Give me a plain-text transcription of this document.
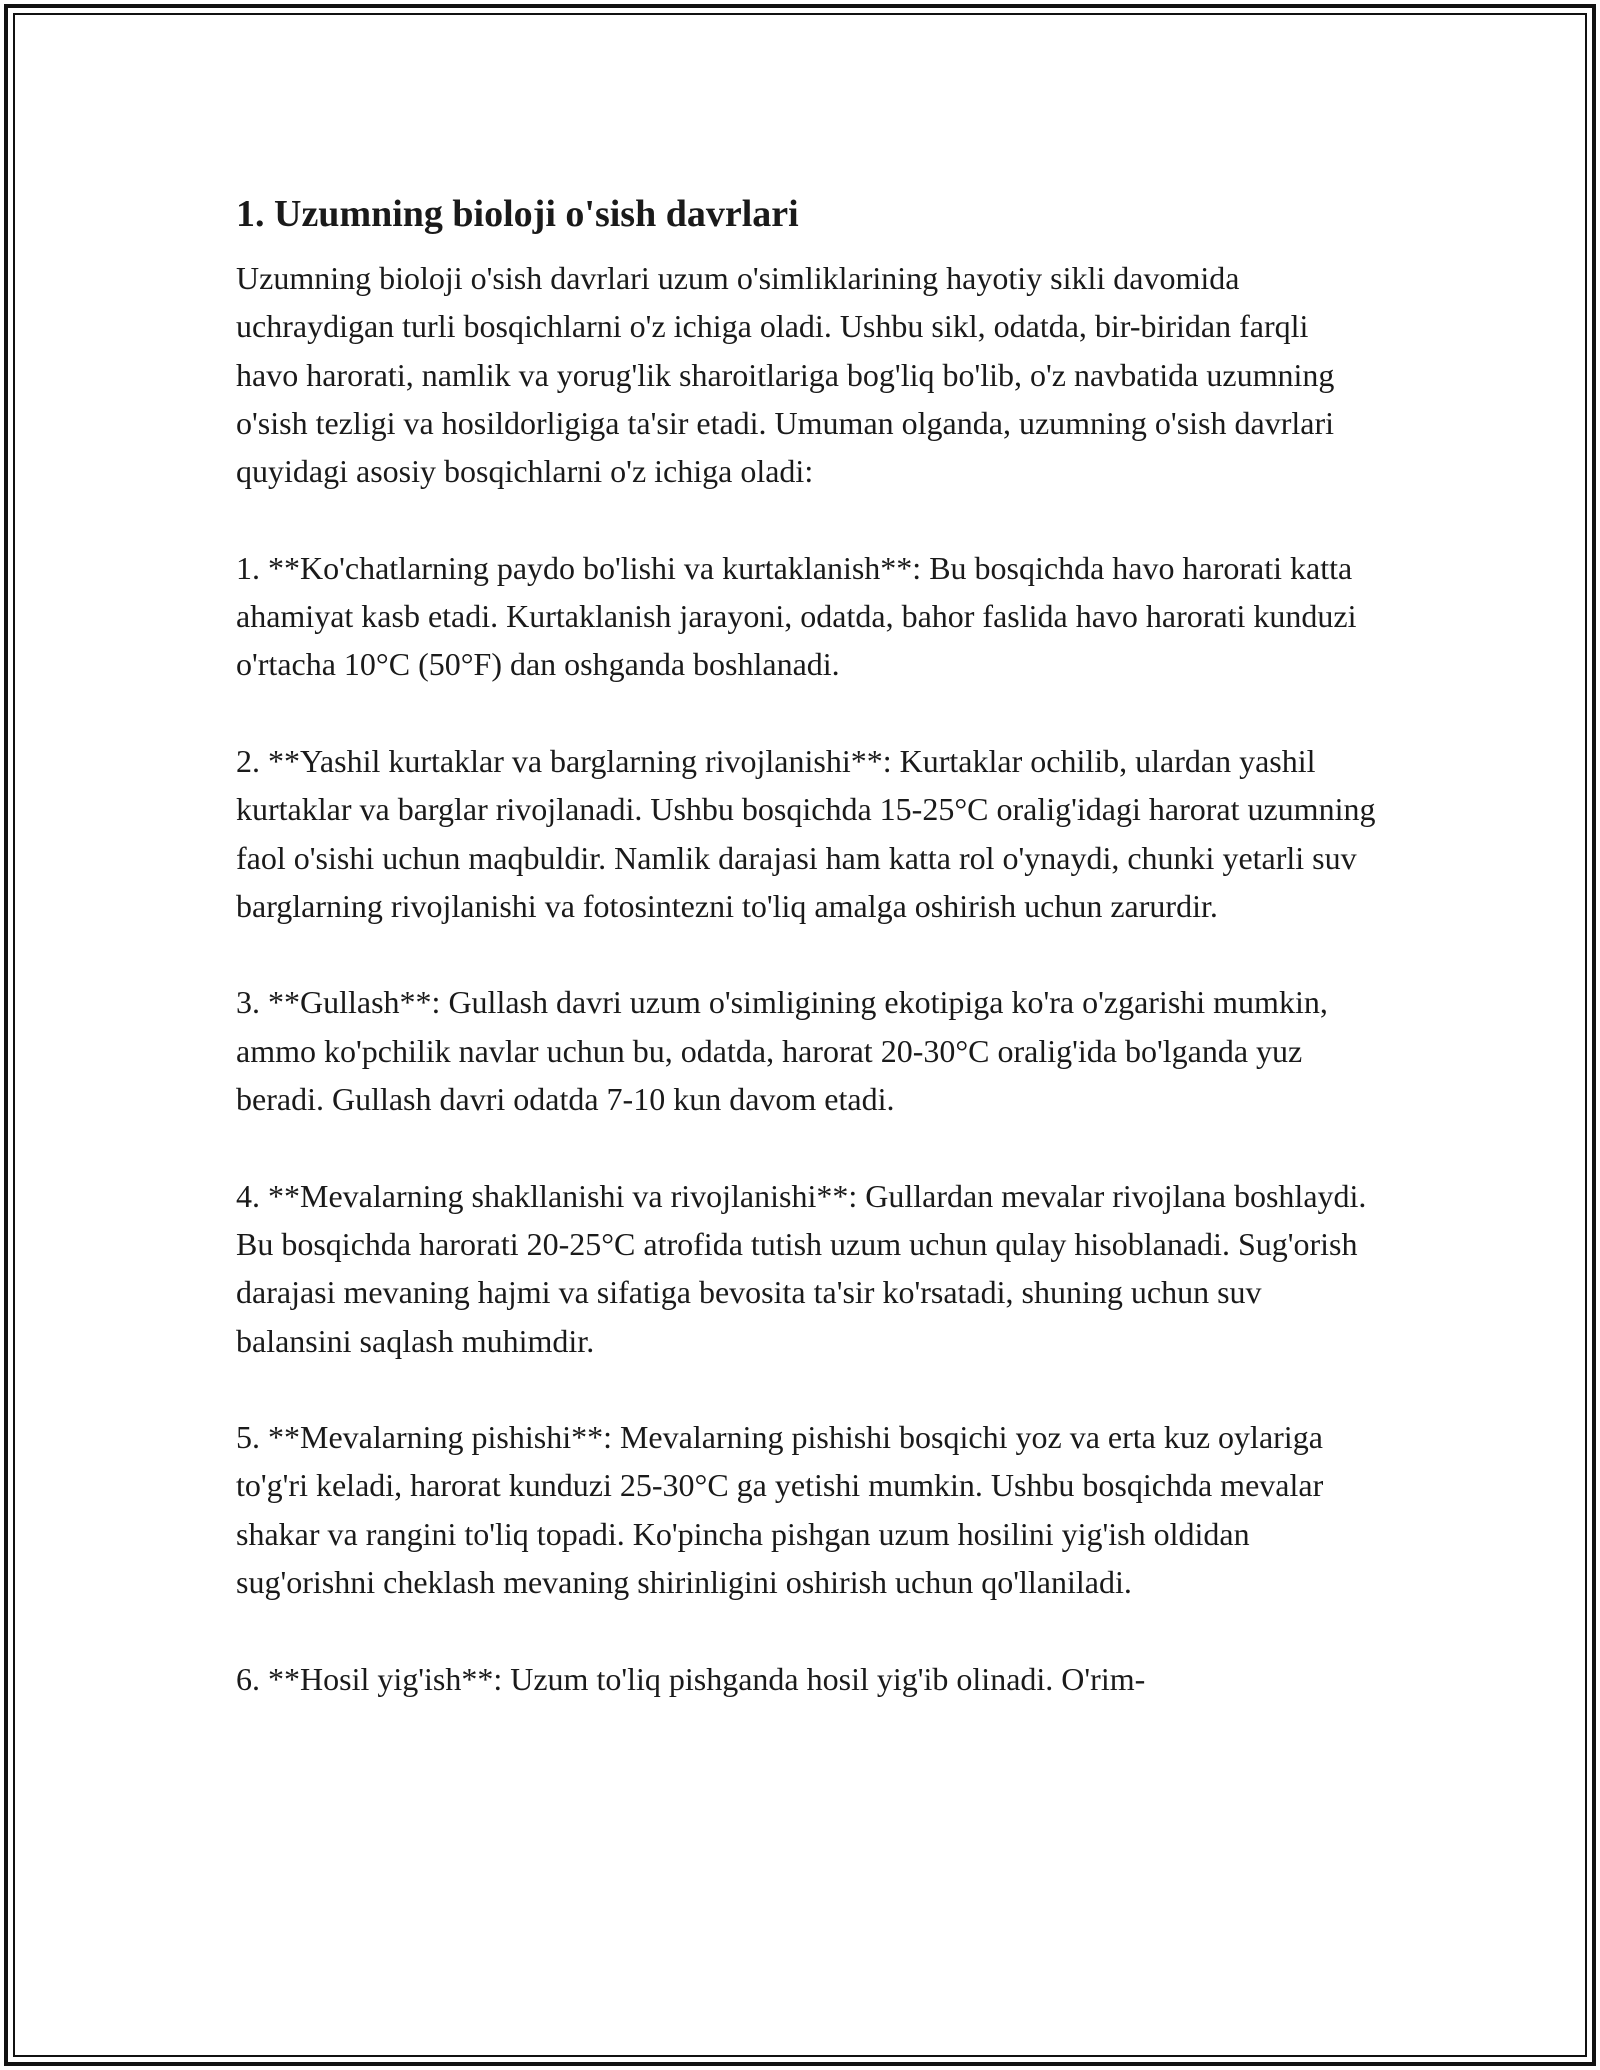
1. Uzumning bioloji o'sish davrlari

Uzumning bioloji o'sish davrlari uzum o'simliklarining hayotiy sikli davomida uchraydigan turli bosqichlarni o'z ichiga oladi. Ushbu sikl, odatda, bir-biridan farqli havo harorati, namlik va yorug'lik sharoitlariga bog'liq bo'lib, o'z navbatida uzumning o'sish tezligi va hosildorligiga ta'sir etadi. Umuman olganda, uzumning o'sish davrlari quyidagi asosiy bosqichlarni o'z ichiga oladi:

1. **Ko'chatlarning paydo bo'lishi va kurtaklanish**: Bu bosqichda havo harorati katta ahamiyat kasb etadi. Kurtaklanish jarayoni, odatda, bahor faslida havo harorati kunduzi o'rtacha 10°C (50°F) dan oshganda boshlanadi.

2. **Yashil kurtaklar va barglarning rivojlanishi**: Kurtaklar ochilib, ulardan yashil kurtaklar va barglar rivojlanadi. Ushbu bosqichda 15-25°C oralig'idagi harorat uzumning faol o'sishi uchun maqbuldir. Namlik darajasi ham katta rol o'ynaydi, chunki yetarli suv barglarning rivojlanishi va fotosintezni to'liq amalga oshirish uchun zarurdir.

3. **Gullash**: Gullash davri uzum o'simligining ekotipiga ko'ra o'zgarishi mumkin, ammo ko'pchilik navlar uchun bu, odatda, harorat 20-30°C oralig'ida bo'lganda yuz beradi. Gullash davri odatda 7-10 kun davom etadi.

4. **Mevalarning shakllanishi va rivojlanishi**: Gullardan mevalar rivojlana boshlaydi. Bu bosqichda harorati 20-25°C atrofida tutish uzum uchun qulay hisoblanadi. Sug'orish darajasi mevaning hajmi va sifatiga bevosita ta'sir ko'rsatadi, shuning uchun suv balansini saqlash muhimdir.

5. **Mevalarning pishishi**: Mevalarning pishishi bosqichi yoz va erta kuz oylariga to'g'ri keladi, harorat kunduzi 25-30°C ga yetishi mumkin. Ushbu bosqichda mevalar shakar va rangini to'liq topadi. Ko'pincha pishgan uzum hosilini yig'ish oldidan sug'orishni cheklash mevaning shirinligini oshirish uchun qo'llaniladi.

6. **Hosil yig'ish**: Uzum to'liq pishganda hosil yig'ib olinadi. O'rim-
